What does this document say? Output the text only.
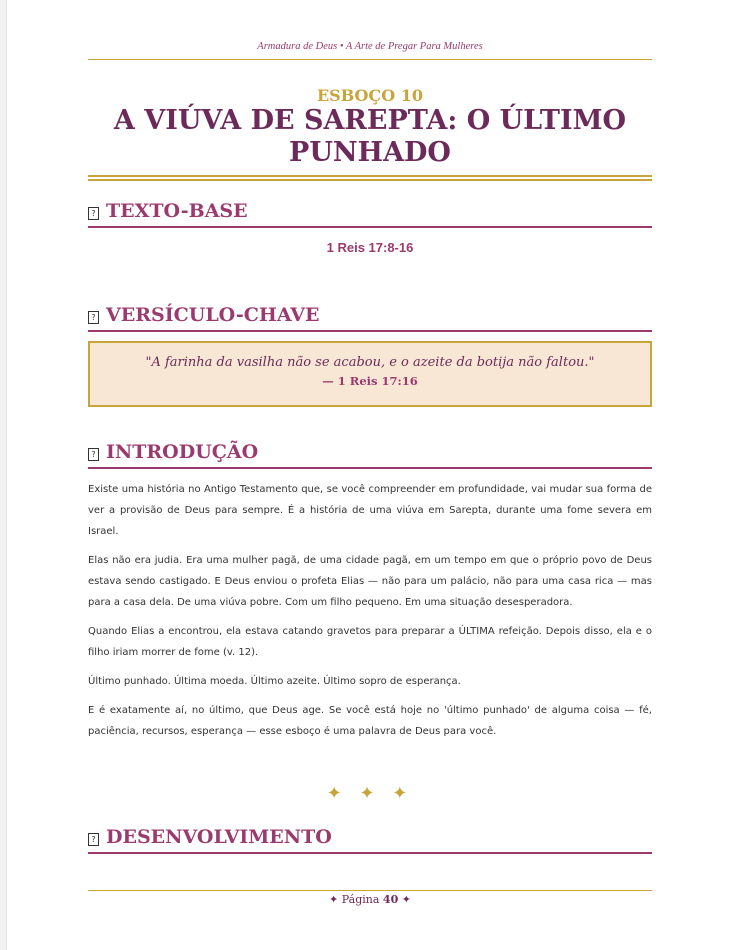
Armadura de Deus • A Arte de Pregar Para Mulheres
ESBOÇO 10
A VIÚVA DE SAREPTA: O ÚLTIMO
PUNHADO
? TEXTO-BASE
1 Reis 17:8-16
? VERSÍCULO-CHAVE
"A farinha da vasilha não se acabou, e o azeite da botija não faltou."
— 1 Reis 17:16
? INTRODUÇÃO

Existe uma história no Antigo Testamento que, se você compreender em profundidade, vai mudar sua forma de ver a provisão de Deus para sempre. É a história de uma viúva em Sarepta, durante uma fome severa em Israel.

Elas não era judia. Era uma mulher pagã, de uma cidade pagã, em um tempo em que o próprio povo de Deus estava sendo castigado. E Deus enviou o profeta Elias — não para um palácio, não para uma casa rica — mas para a casa dela. De uma viúva pobre. Com um filho pequeno. Em uma situação desesperadora.

Quando Elias a encontrou, ela estava catando gravetos para preparar a ÚLTIMA refeição. Depois disso, ela e o filho iriam morrer de fome (v. 12).

Último punhado. Última moeda. Último azeite. Último sopro de esperança.

E é exatamente aí, no último, que Deus age. Se você está hoje no 'último punhado' de alguma coisa — fé, paciência, recursos, esperança — esse esboço é uma palavra de Deus para você.

✦ ✦ ✦
? DESENVOLVIMENTO
✦ Página 40 ✦
